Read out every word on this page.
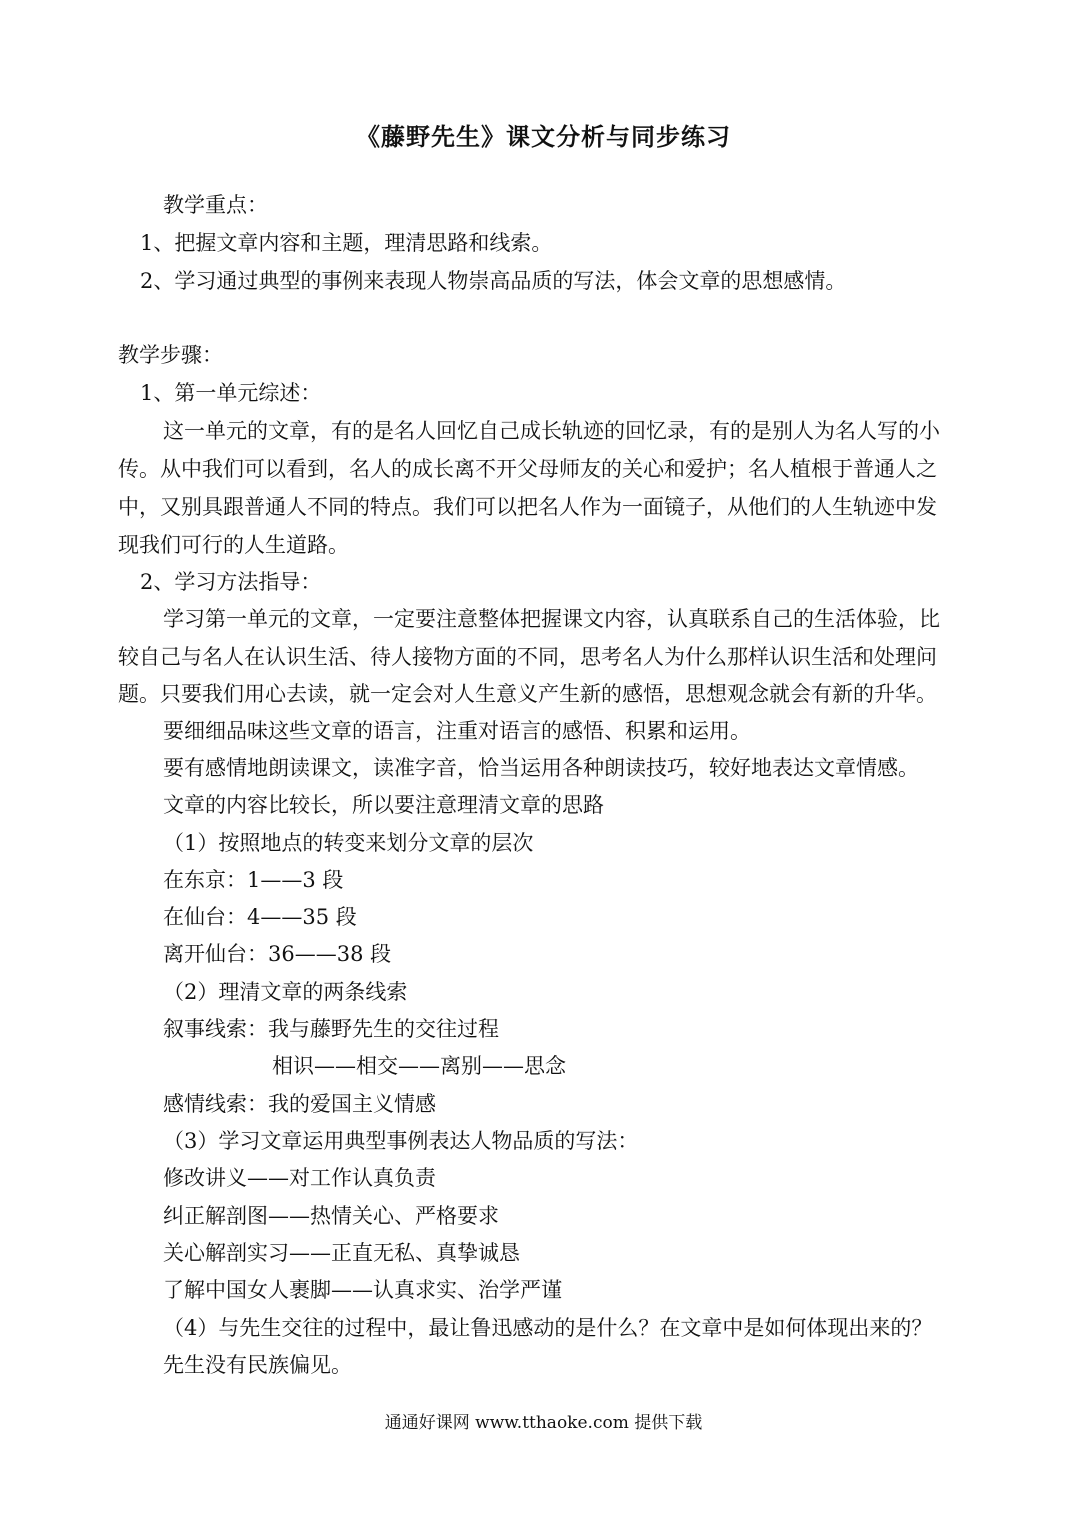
《藤野先生》课文分析与同步练习
教学重点：
1、把握文章内容和主题，理清思路和线索。
2、学习通过典型的事例来表现人物崇高品质的写法，体会文章的思想感情。
教学步骤：
1、第一单元综述：
这一单元的文章，有的是名人回忆自己成长轨迹的回忆录，有的是别人为名人写的小
传。从中我们可以看到，名人的成长离不开父母师友的关心和爱护；名人植根于普通人之
中，又别具跟普通人不同的特点。我们可以把名人作为一面镜子，从他们的人生轨迹中发
现我们可行的人生道路。
2、学习方法指导：
学习第一单元的文章，一定要注意整体把握课文内容，认真联系自己的生活体验，比
较自己与名人在认识生活、待人接物方面的不同，思考名人为什么那样认识生活和处理问
题。只要我们用心去读，就一定会对人生意义产生新的感悟，思想观念就会有新的升华。
要细细品味这些文章的语言，注重对语言的感悟、积累和运用。
要有感情地朗读课文，读准字音，恰当运用各种朗读技巧，较好地表达文章情感。
文章的内容比较长，所以要注意理清文章的思路
（1）按照地点的转变来划分文章的层次
在东京：1——3 段
在仙台：4——35 段
离开仙台：36——38 段
（2）理清文章的两条线索
叙事线索：我与藤野先生的交往过程
相识——相交——离别——思念
感情线索：我的爱国主义情感
（3）学习文章运用典型事例表达人物品质的写法：
修改讲义——对工作认真负责
纠正解剖图——热情关心、严格要求
关心解剖实习——正直无私、真挚诚恳
了解中国女人裹脚——认真求实、治学严谨
（4）与先生交往的过程中，最让鲁迅感动的是什么？在文章中是如何体现出来的？
先生没有民族偏见。
通通好课网 www.tthaoke.com 提供下载
